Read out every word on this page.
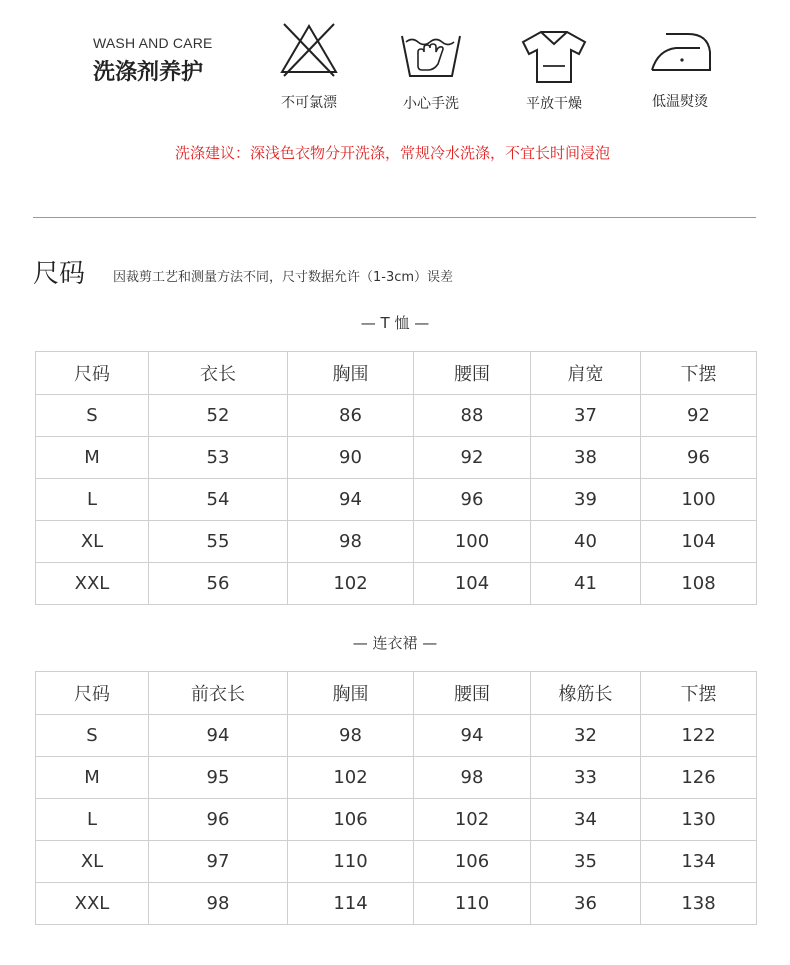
WASH AND CARE
洗涤剂养护
不可氯漂	小心手洗	平放干燥	低温熨烫
洗涤建议：深浅色衣物分开洗涤，常规冷水洗涤，不宜长时间浸泡
尺码 因裁剪工艺和测量方法不同，尺寸数据允许（1-3cm）误差
— T 恤 —
尺码	衣长	胸围	腰围	肩宽	下摆
S	52	86	88	37	92
M	53	90	92	38	96
L	54	94	96	39	100
XL	55	98	100	40	104
XXL	56	102	104	41	108
— 连衣裙 —
尺码	前衣长	胸围	腰围	橡筋长	下摆
S	94	98	94	32	122
M	95	102	98	33	126
L	96	106	102	34	130
XL	97	110	106	35	134
XXL	98	114	110	36	138
